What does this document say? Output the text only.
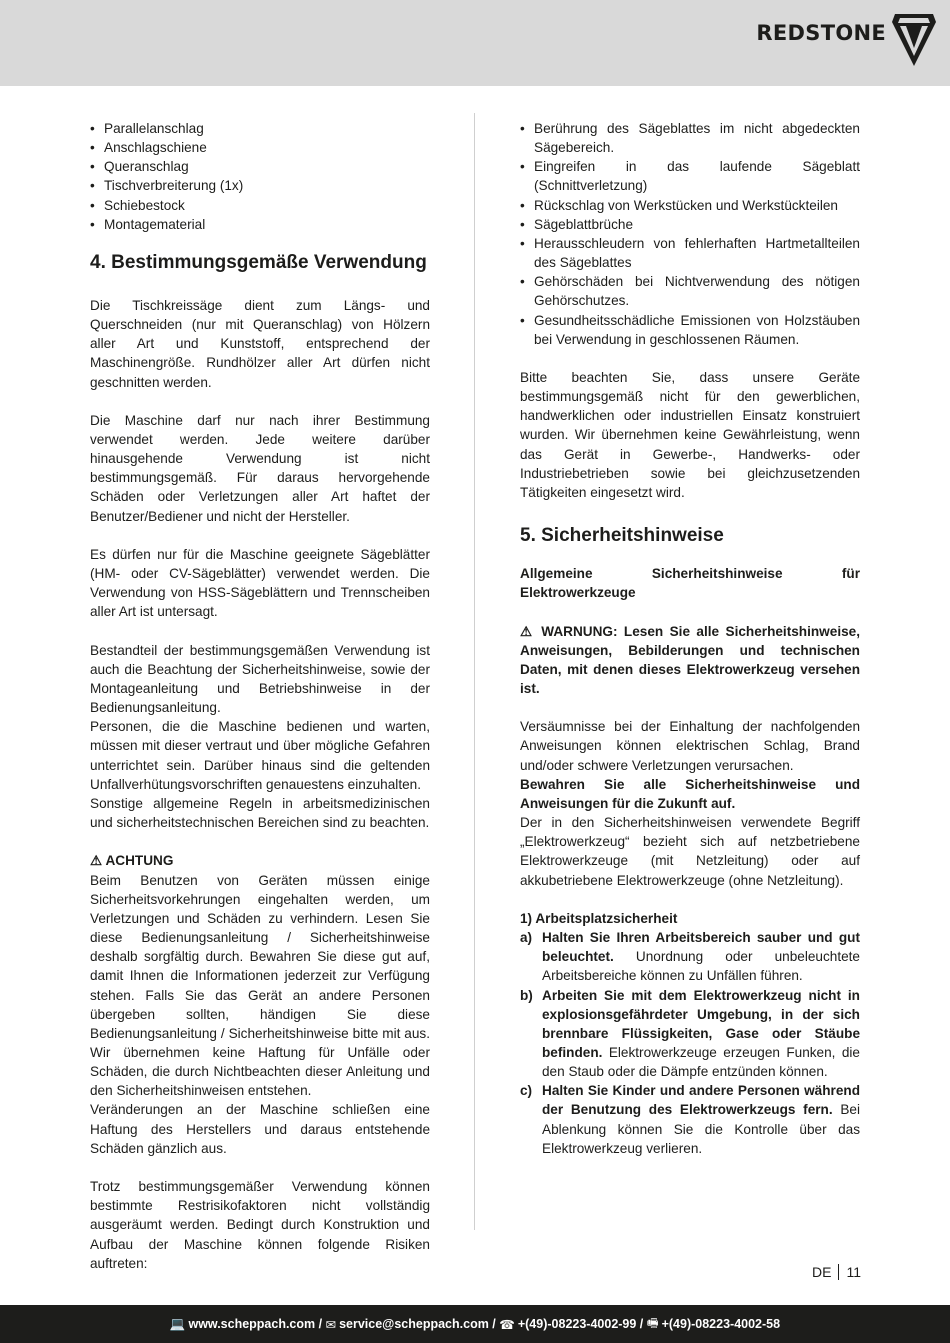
REDSTONE
• Parallelanschlag
• Anschlagschiene
• Queranschlag
• Tischverbreiterung (1x)
• Schiebestock
• Montagematerial
4. Bestimmungsgemäße Verwendung

Die Tischkreissäge dient zum Längs- und Querschneiden (nur mit Queranschlag) von Hölzern aller Art und Kunststoff, entsprechend der Maschinengröße. Rundhölzer aller Art dürfen nicht geschnitten werden.

Die Maschine darf nur nach ihrer Bestimmung verwendet werden. Jede weitere darüber hinausgehende Verwendung ist nicht bestimmungsgemäß. Für daraus hervorgehende Schäden oder Verletzungen aller Art haftet der Benutzer/Bediener und nicht der Hersteller.

Es dürfen nur für die Maschine geeignete Sägeblätter (HM- oder CV-Sägeblätter) verwendet werden. Die Verwendung von HSS-Sägeblättern und Trennscheiben aller Art ist untersagt.

Bestandteil der bestimmungsgemäßen Verwendung ist auch die Beachtung der Sicherheitshinweise, sowie der Montageanleitung und Betriebshinweise in der Bedienungsanleitung.

Personen, die die Maschine bedienen und warten, müssen mit dieser vertraut und über mögliche Gefahren unterrichtet sein. Darüber hinaus sind die geltenden Unfallverhütungsvorschriften genauestens einzuhalten.

Sonstige allgemeine Regeln in arbeitsmedizinischen und sicherheitstechnischen Bereichen sind zu beachten.

⚠ ACHTUNG

Beim Benutzen von Geräten müssen einige Sicherheitsvorkehrungen eingehalten werden, um Verletzungen und Schäden zu verhindern. Lesen Sie diese Bedienungsanleitung / Sicherheitshinweise deshalb sorgfältig durch. Bewahren Sie diese gut auf, damit Ihnen die Informationen jederzeit zur Verfügung stehen. Falls Sie das Gerät an andere Personen übergeben sollten, händigen Sie diese Bedienungsanleitung / Sicherheitshinweise bitte mit aus. Wir übernehmen keine Haftung für Unfälle oder Schäden, die durch Nichtbeachten dieser Anleitung und den Sicherheitshinweisen entstehen.

Veränderungen an der Maschine schließen eine Haftung des Herstellers und daraus entstehende Schäden gänzlich aus.

Trotz bestimmungsgemäßer Verwendung können bestimmte Restrisikofaktoren nicht vollständig ausgeräumt werden. Bedingt durch Konstruktion und Aufbau der Maschine können folgende Risiken auftreten:

• Berührung des Sägeblattes im nicht abgedeckten Sägebereich.
• Eingreifen in das laufende Sägeblatt (Schnittverletzung)
• Rückschlag von Werkstücken und Werkstückteilen
• Sägeblattbrüche
• Herausschleudern von fehlerhaften Hartmetallteilen des Sägeblattes
• Gehörschäden bei Nichtverwendung des nötigen Gehörschutzes.
• Gesundheitsschädliche Emissionen von Holzstäuben bei Verwendung in geschlossenen Räumen.

Bitte beachten Sie, dass unsere Geräte bestimmungsgemäß nicht für den gewerblichen, handwerklichen oder industriellen Einsatz konstruiert wurden. Wir übernehmen keine Gewährleistung, wenn das Gerät in Gewerbe-, Handwerks- oder Industriebetrieben sowie bei gleichzusetzenden Tätigkeiten eingesetzt wird.

5. Sicherheitshinweise

Allgemeine Sicherheitshinweise für Elektrowerkzeuge

⚠ WARNUNG: Lesen Sie alle Sicherheitshinweise, Anweisungen, Bebilderungen und technischen Daten, mit denen dieses Elektrowerkzeug versehen ist.

Versäumnisse bei der Einhaltung der nachfolgenden Anweisungen können elektrischen Schlag, Brand und/oder schwere Verletzungen verursachen.

Bewahren Sie alle Sicherheitshinweise und Anweisungen für die Zukunft auf.

Der in den Sicherheitshinweisen verwendete Begriff „Elektrowerkzeug“ bezieht sich auf netzbetriebene Elektrowerkzeuge (mit Netzleitung) oder auf akkubetriebene Elektrowerkzeuge (ohne Netzleitung).

1) Arbeitsplatzsicherheit

a) Halten Sie Ihren Arbeitsbereich sauber und gut beleuchtet. Unordnung oder unbeleuchtete Arbeitsbereiche können zu Unfällen führen.
b) Arbeiten Sie mit dem Elektrowerkzeug nicht in explosionsgefährdeter Umgebung, in der sich brennbare Flüssigkeiten, Gase oder Stäube befinden. Elektrowerkzeuge erzeugen Funken, die den Staub oder die Dämpfe entzünden können.
c) Halten Sie Kinder und andere Personen während der Benutzung des Elektrowerkzeugs fern. Bei Ablenkung können Sie die Kontrolle über das Elektrowerkzeug verlieren.
DE 11
💻 www.scheppach.com /
✉ service@scheppach.com /
☎ +(49)-08223-4002-99 /
🖷 +(49)-08223-4002-58
